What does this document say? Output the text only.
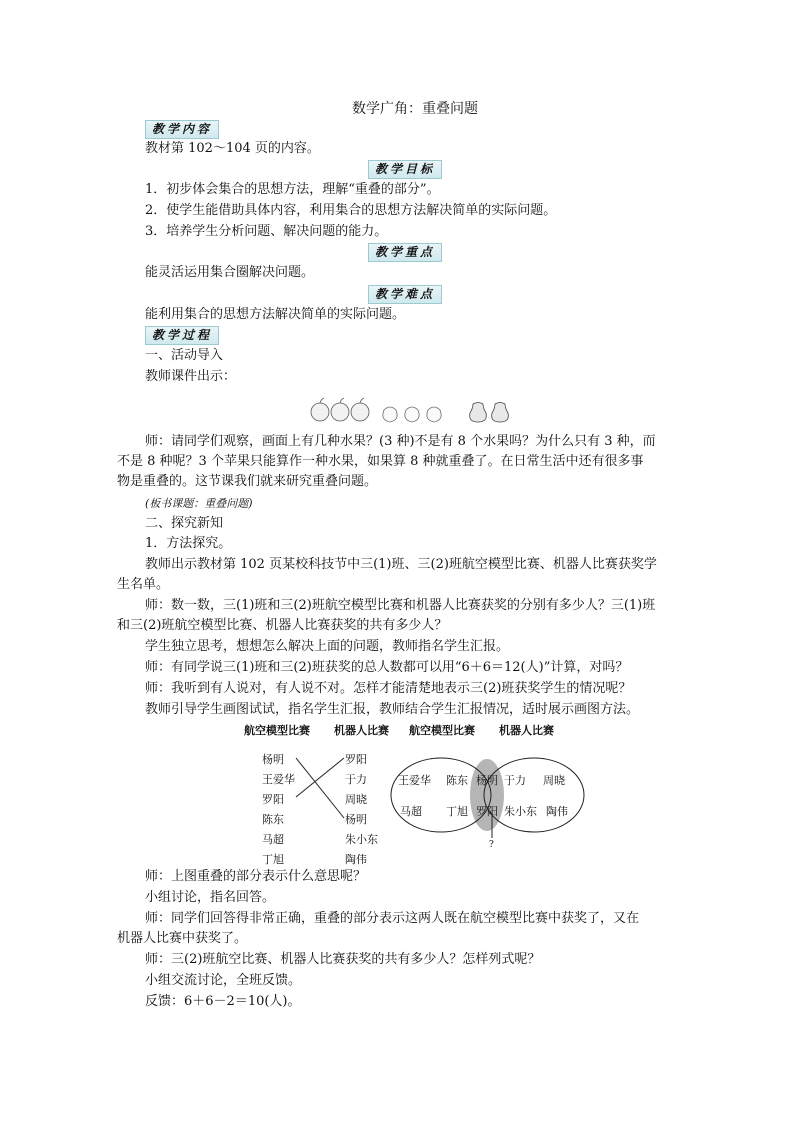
数学广角：重叠问题
教学内容
教材第 102～104 页的内容。
教学目标
1．初步体会集合的思想方法，理解“重叠的部分”。
2．使学生能借助具体内容，利用集合的思想方法解决简单的实际问题。
3．培养学生分析问题、解决问题的能力。
教学重点
能灵活运用集合圈解决问题。
教学难点
能利用集合的思想方法解决简单的实际问题。
教学过程
一、活动导入
教师课件出示：
师：请同学们观察，画面上有几种水果？(3 种)不是有 8 个水果吗？为什么只有 3 种，而
不是 8 种呢？3 个苹果只能算作一种水果，如果算 8 种就重叠了。在日常生活中还有很多事
物是重叠的。这节课我们就来研究重叠问题。
(板书课题：重叠问题)
二、探究新知
1．方法探究。
教师出示教材第 102 页某校科技节中三(1)班、三(2)班航空模型比赛、机器人比赛获奖学
生名单。
师：数一数，三(1)班和三(2)班航空模型比赛和机器人比赛获奖的分别有多少人？三(1)班
和三(2)班航空模型比赛、机器人比赛获奖的共有多少人？
学生独立思考，想想怎么解决上面的问题，教师指名学生汇报。
师：有同学说三(1)班和三(2)班获奖的总人数都可以用“6＋6＝12(人)”计算，对吗？
师：我听到有人说对，有人说不对。怎样才能清楚地表示三(2)班获奖学生的情况呢？
教师引导学生画图试试，指名学生汇报，教师结合学生汇报情况，适时展示画图方法。
航空模型比赛 机器人比赛 航空模型比赛 机器人比赛
杨明
王爱华
罗阳
陈东
马超
丁旭
罗阳
于力
周晓
杨明
朱小东
陶伟
王爱华 陈东
马超 丁旭
杨明
罗阳
于力 周晓
朱小东 陶伟
?
师：上图重叠的部分表示什么意思呢？
小组讨论，指名回答。
师：同学们回答得非常正确，重叠的部分表示这两人既在航空模型比赛中获奖了，又在
机器人比赛中获奖了。
师：三(2)班航空比赛、机器人比赛获奖的共有多少人？怎样列式呢？
小组交流讨论，全班反馈。
反馈：6＋6－2＝10(人)。
